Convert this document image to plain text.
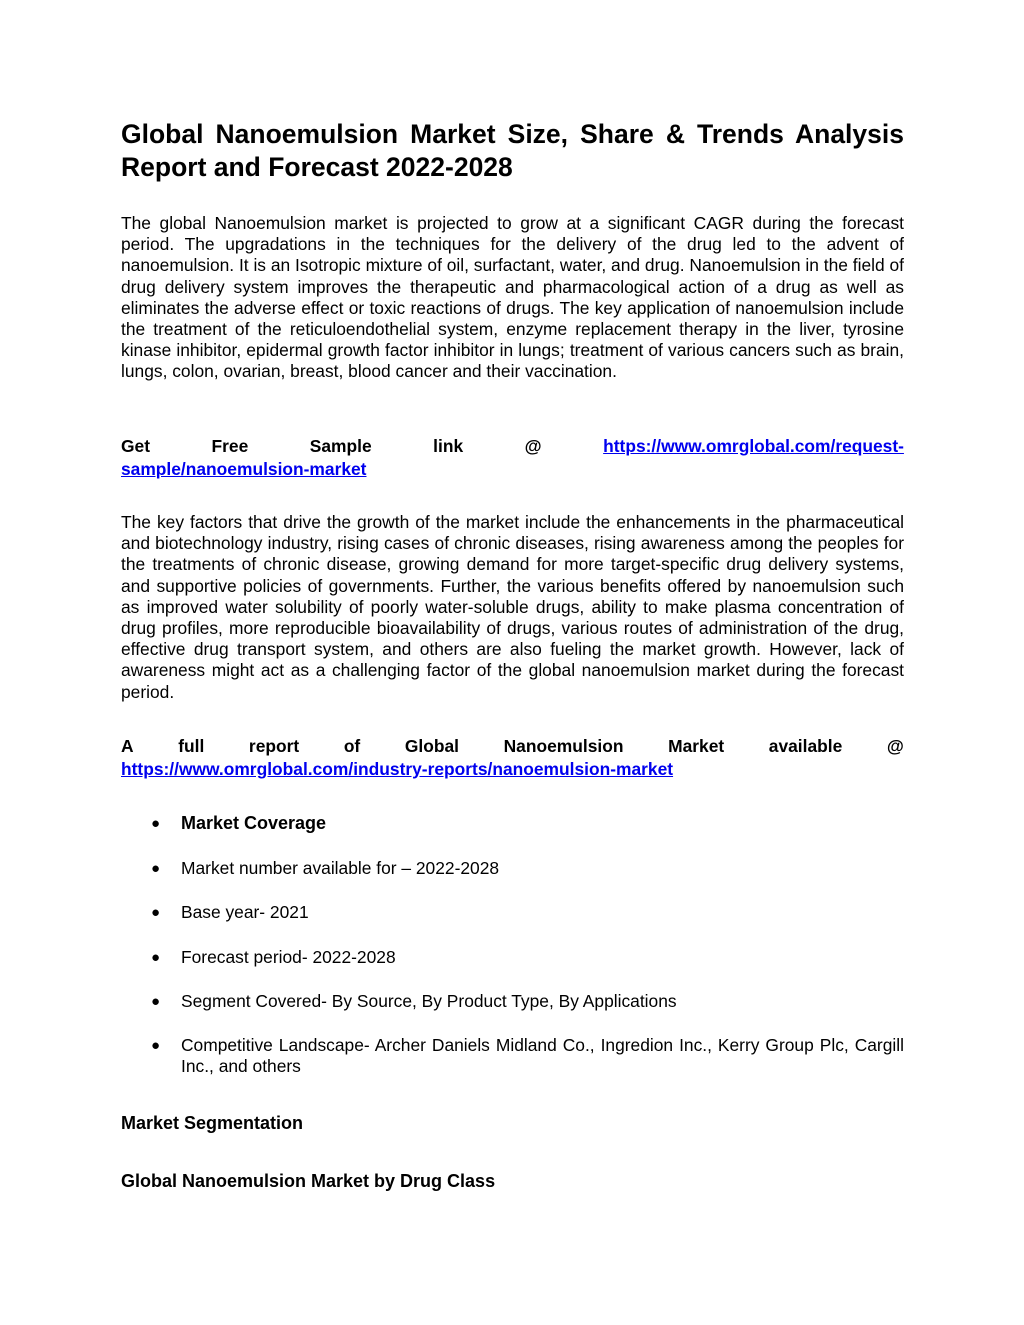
Global Nanoemulsion Market Size, Share & Trends Analysis Report and Forecast 2022-2028

The global Nanoemulsion market is projected to grow at a significant CAGR during the forecast period. The upgradations in the techniques for the delivery of the drug led to the advent of nanoemulsion. It is an Isotropic mixture of oil, surfactant, water, and drug. Nanoemulsion in the field of drug delivery system improves the therapeutic and pharmacological action of a drug as well as eliminates the adverse effect or toxic reactions of drugs. The key application of nanoemulsion include the treatment of the reticuloendothelial system, enzyme replacement therapy in the liver, tyrosine kinase inhibitor, epidermal growth factor inhibitor in lungs; treatment of various cancers such as brain, lungs, colon, ovarian, breast, blood cancer and their vaccination.

Get	Free	Sample	link	@	https://www.omrglobal.com/request-
sample/nanoemulsion-market

The key factors that drive the growth of the market include the enhancements in the pharmaceutical and biotechnology industry, rising cases of chronic diseases, rising awareness among the peoples for the treatments of chronic disease, growing demand for more target-specific drug delivery systems, and supportive policies of governments. Further, the various benefits offered by nanoemulsion such as improved water solubility of poorly water-soluble drugs, ability to make plasma concentration of drug profiles, more reproducible bioavailability of drugs, various routes of administration of the drug, effective drug transport system, and others are also fueling the market growth. However, lack of awareness might act as a challenging factor of the global nanoemulsion market during the forecast period.

A	full	report	of	Global	Nanoemulsion	Market	available	@
https://www.omrglobal.com/industry-reports/nanoemulsion-market
● Market Coverage
● Market number available for – 2022-2028
● Base year- 2021
● Forecast period- 2022-2028
● Segment Covered- By Source, By Product Type, By Applications
● Competitive Landscape- Archer Daniels Midland Co., Ingredion Inc., Kerry Group Plc, Cargill Inc., and others
Market Segmentation
Global Nanoemulsion Market by Drug Class
